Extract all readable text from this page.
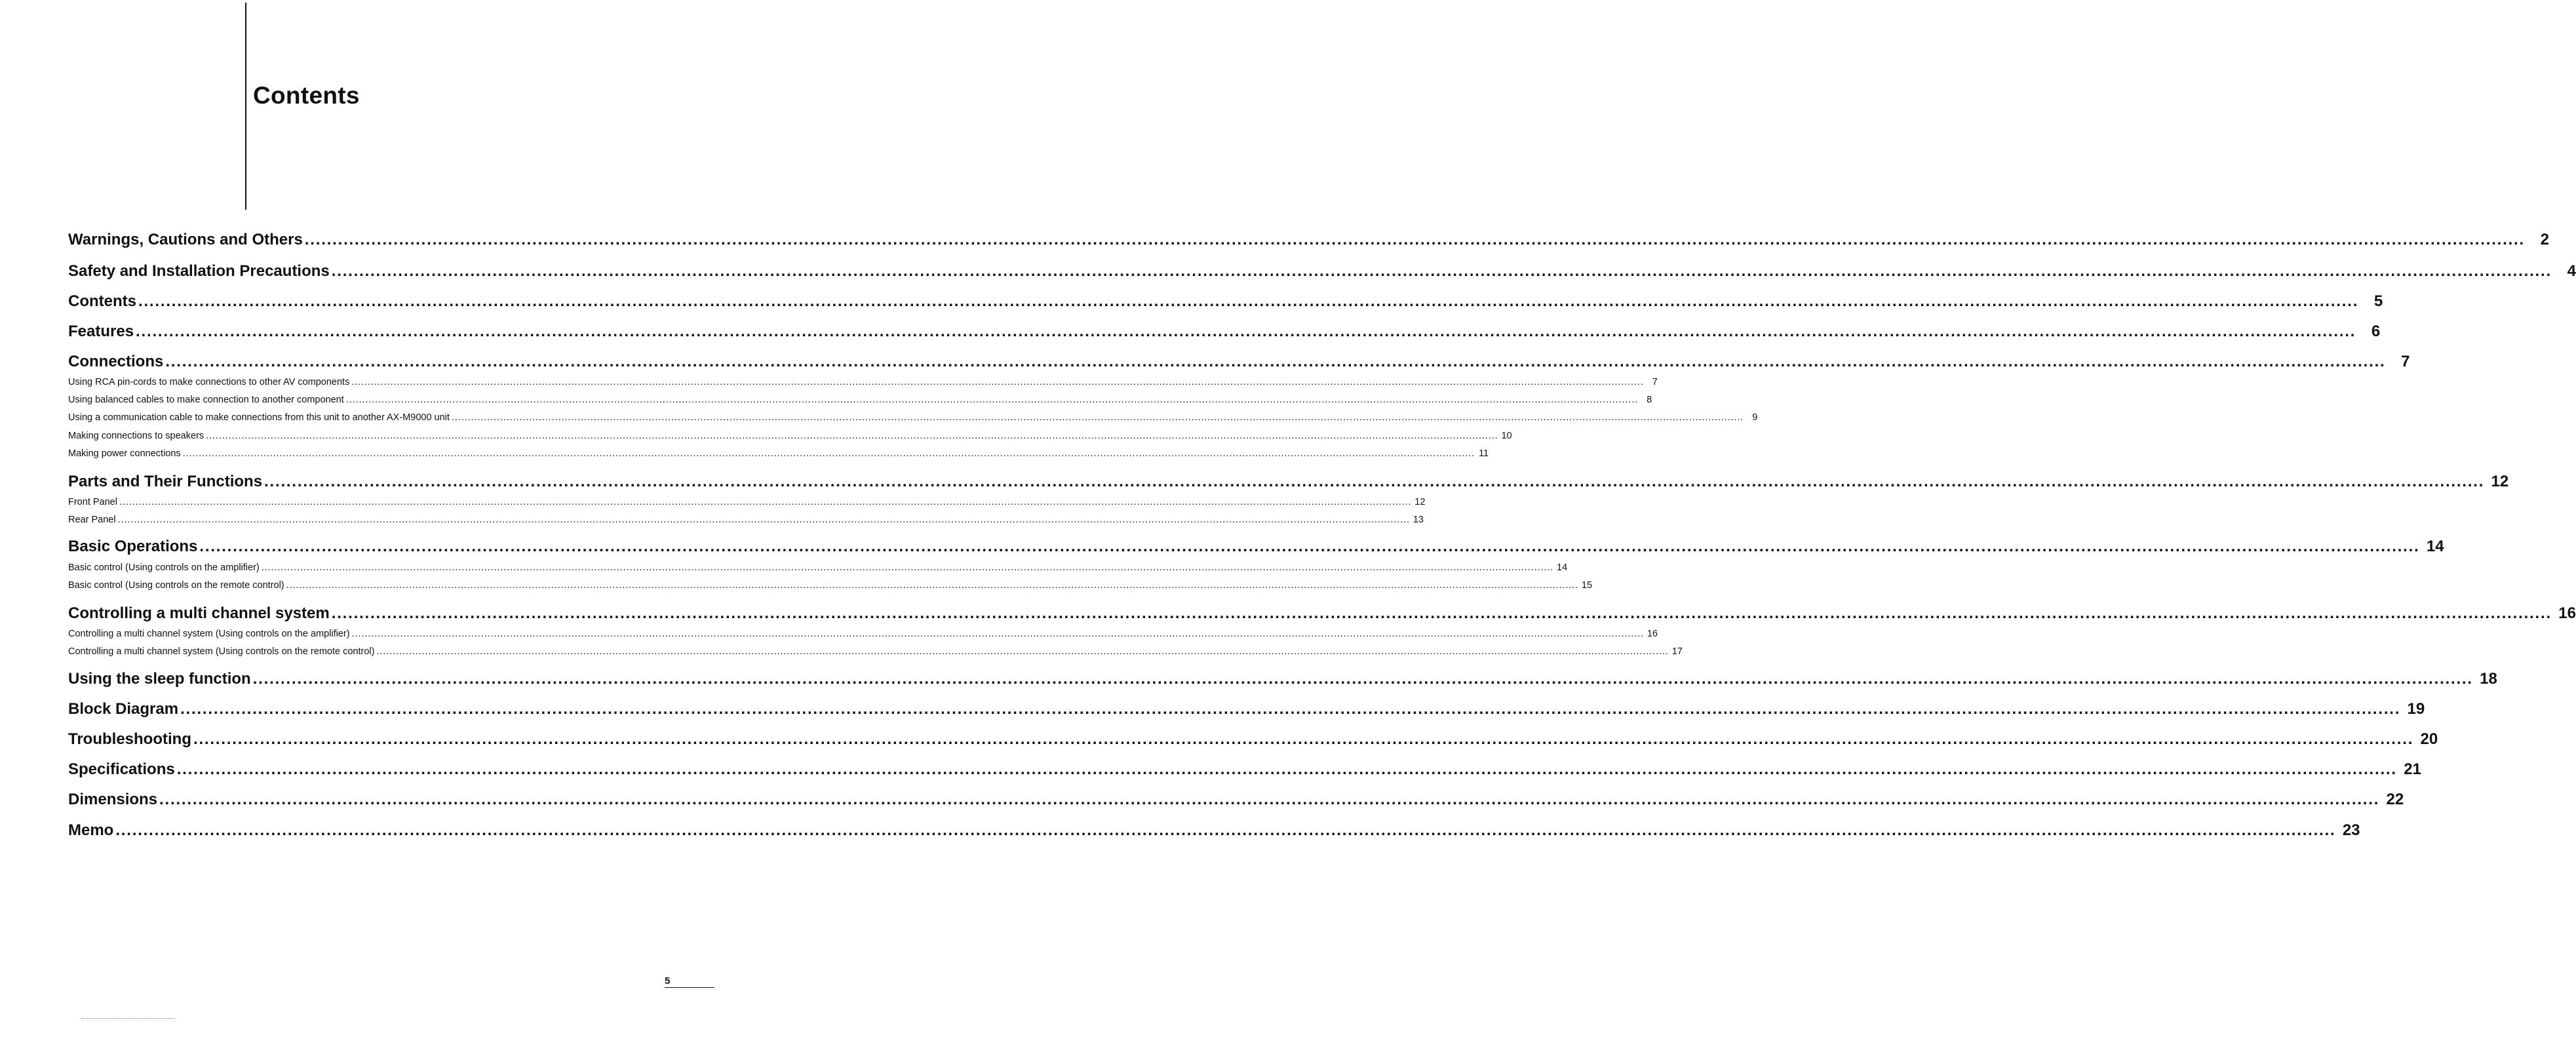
Contents
Warnings, Cautions and Others ................................................................................................................................................................................................................................................................................................................................................................................................................ 2
Safety and Installation Precautions ................................................................................................................................................................................................................................................................................................................................................................................................................ 4
Contents ................................................................................................................................................................................................................................................................................................................................................................................................................ 5
Features ................................................................................................................................................................................................................................................................................................................................................................................................................ 6
Connections ................................................................................................................................................................................................................................................................................................................................................................................................................ 7
Using RCA pin-cords to make connections to other AV components ................................................................................................................................................................................................................................................................................................................................................................................................................ 7
Using balanced cables to make connection to another component ................................................................................................................................................................................................................................................................................................................................................................................................................ 8
Using a communication cable to make connections from this unit to another AX-M9000 unit ................................................................................................................................................................................................................................................................................................................................................................................................................ 9
Making connections to speakers ................................................................................................................................................................................................................................................................................................................................................................................................................ 10
Making power connections ................................................................................................................................................................................................................................................................................................................................................................................................................ 11
Parts and Their Functions ................................................................................................................................................................................................................................................................................................................................................................................................................ 12
Front Panel ................................................................................................................................................................................................................................................................................................................................................................................................................ 12
Rear Panel ................................................................................................................................................................................................................................................................................................................................................................................................................ 13
Basic Operations ................................................................................................................................................................................................................................................................................................................................................................................................................ 14
Basic control (Using controls on the amplifier) ................................................................................................................................................................................................................................................................................................................................................................................................................ 14
Basic control (Using controls on the remote control) ................................................................................................................................................................................................................................................................................................................................................................................................................ 15
Controlling a multi channel system ................................................................................................................................................................................................................................................................................................................................................................................................................ 16
Controlling a multi channel system (Using controls on the amplifier) ................................................................................................................................................................................................................................................................................................................................................................................................................ 16
Controlling a multi channel system (Using controls on the remote control) ................................................................................................................................................................................................................................................................................................................................................................................................................ 17
Using the sleep function ................................................................................................................................................................................................................................................................................................................................................................................................................ 18
Block Diagram ................................................................................................................................................................................................................................................................................................................................................................................................................ 19
Troubleshooting ................................................................................................................................................................................................................................................................................................................................................................................................................ 20
Specifications ................................................................................................................................................................................................................................................................................................................................................................................................................ 21
Dimensions ................................................................................................................................................................................................................................................................................................................................................................................................................ 22
Memo ................................................................................................................................................................................................................................................................................................................................................................................................................ 23
5
